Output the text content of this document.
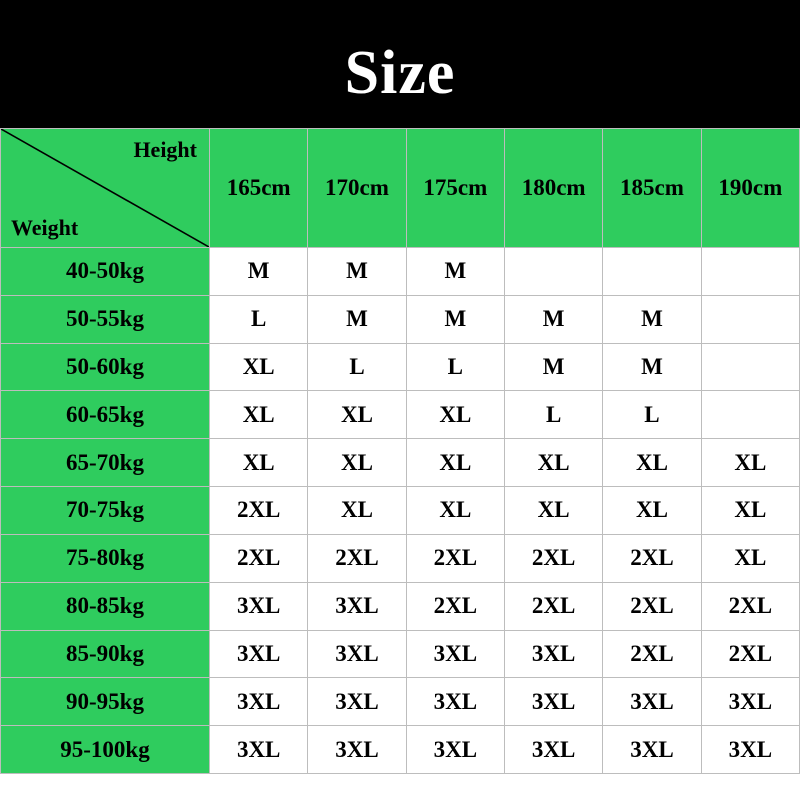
Size
Height
Weight	165cm	170cm	175cm	180cm	185cm	190cm
40-50kg	M	M	M			
50-55kg	L	M	M	M	M	
50-60kg	XL	L	L	M	M	
60-65kg	XL	XL	XL	L	L	
65-70kg	XL	XL	XL	XL	XL	XL
70-75kg	2XL	XL	XL	XL	XL	XL
75-80kg	2XL	2XL	2XL	2XL	2XL	XL
80-85kg	3XL	3XL	2XL	2XL	2XL	2XL
85-90kg	3XL	3XL	3XL	3XL	2XL	2XL
90-95kg	3XL	3XL	3XL	3XL	3XL	3XL
95-100kg	3XL	3XL	3XL	3XL	3XL	3XL
